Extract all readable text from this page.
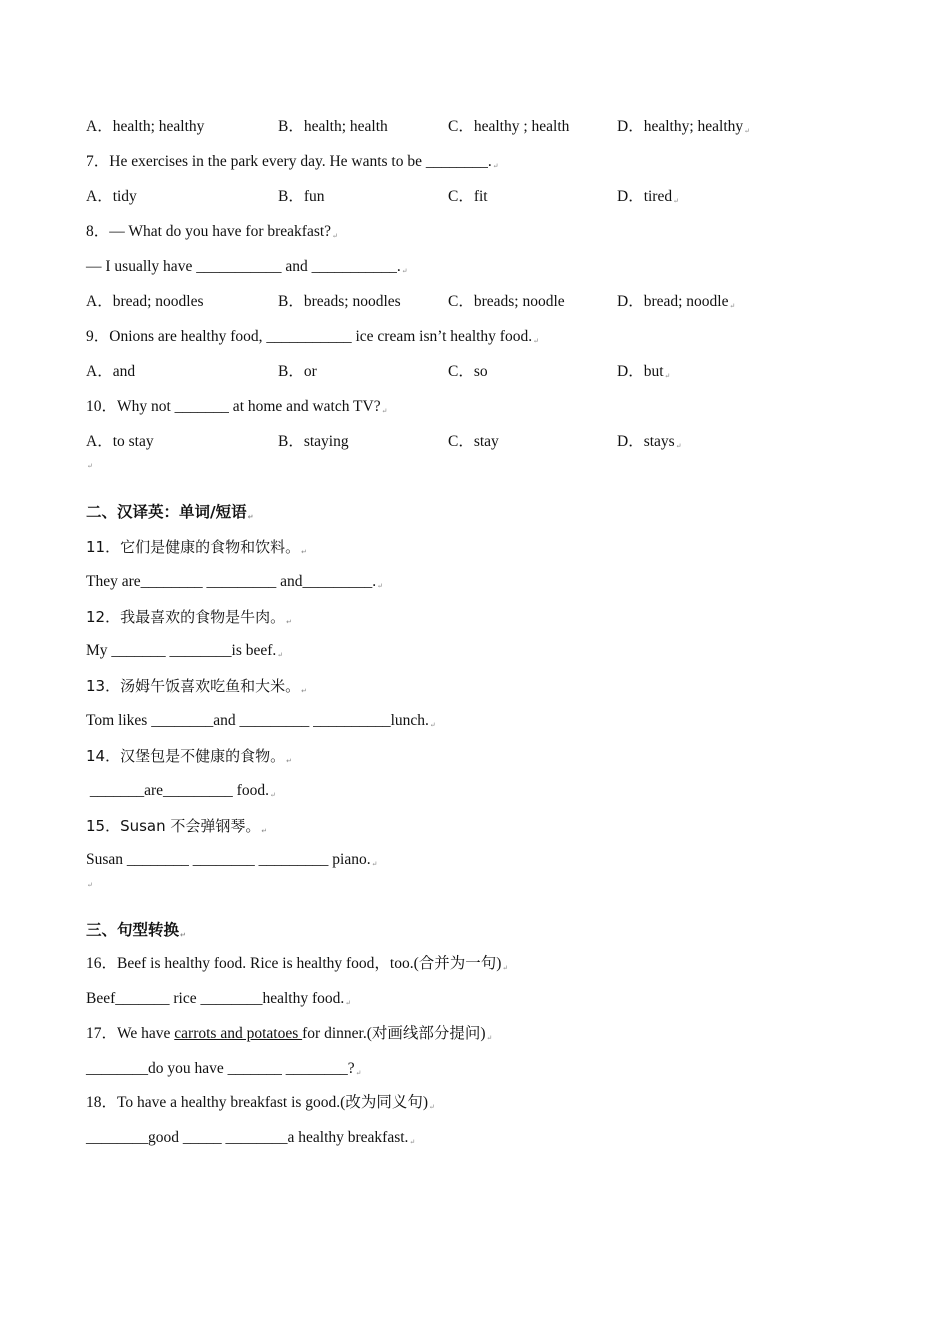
A．health; healthy	B．health; health	C．healthy ; health	D．healthy; healthy ↵
7．He exercises in the park every day. He wants to be ________. ↵
A．tidy	B．fun	C．fit	D．tired ↵
8．— What do you have for breakfast? ↵
— I usually have ___________ and ___________. ↵
A．bread; noodles	B．breads; noodles	C．breads; noodle	D．bread; noodle ↵
9．Onions are healthy food, ___________ ice cream isn’t healthy food. ↵
A．and	B．or	C．so	D．but ↵
10．Why not _______ at home and watch TV? ↵
A．to stay	B．staying	C．stay	D．stays ↵
↵
二、汉译英：单词/短语 ↵
11．它们是健康的食物和饮料。 ↵
They are________ _________ and_________. ↵
12．我最喜欢的食物是牛肉。 ↵
My _______ ________is beef. ↵
13．汤姆午饭喜欢吃鱼和大米。 ↵
Tom likes ________and _________ __________lunch. ↵
14．汉堡包是不健康的食物。 ↵
_______are_________ food. ↵
15．Susan 不会弹钢琴。 ↵
Susan ________ ________ _________ piano. ↵
↵
三、句型转换 ↵
16．Beef is healthy food. Rice is healthy food，too.(合并为一句) ↵
Beef_______ rice ________healthy food. ↵
17．We have carrots and potatoes for dinner.(对画线部分提问) ↵
________do you have _______ ________? ↵
18．To have a healthy breakfast is good.(改为同义句) ↵
________good _____ ________a healthy breakfast. ↵
